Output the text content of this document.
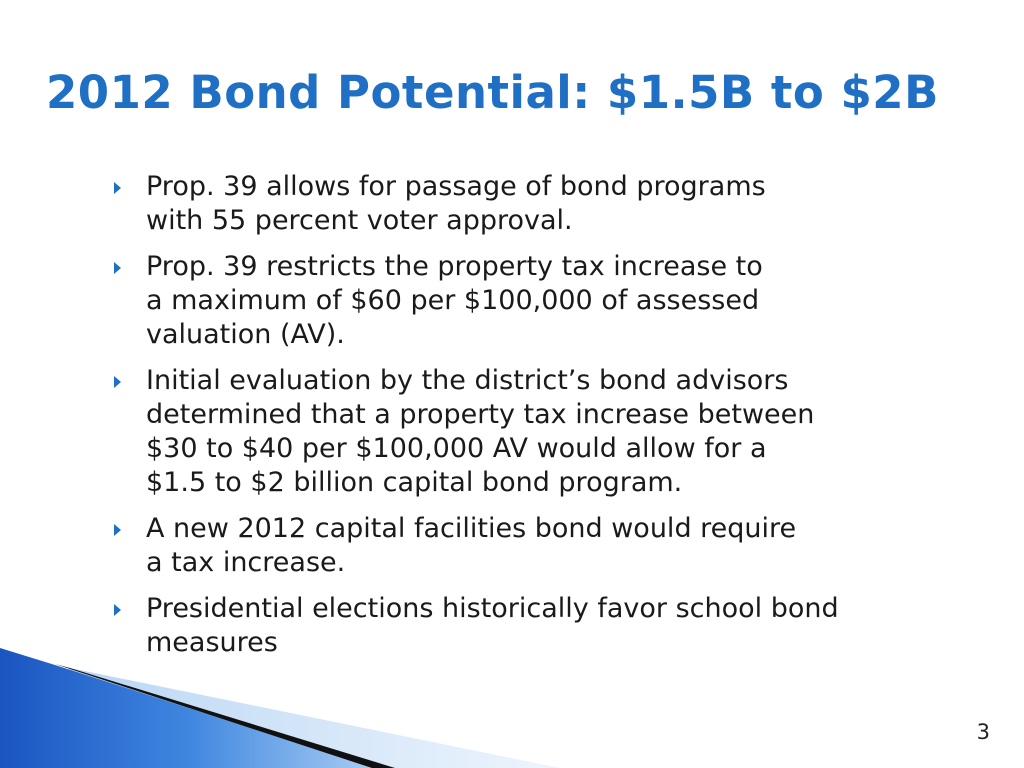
2012 Bond Potential: $1.5B to $2B
Prop. 39 allows for passage of bond programs
with 55 percent voter approval.
Prop. 39 restricts the property tax increase to
a maximum of $60 per $100,000 of assessed
valuation (AV).
Initial evaluation by the district’s bond advisors
determined that a property tax increase between
$30 to $40 per $100,000 AV would allow for a
$1.5 to $2 billion capital bond program.
A new 2012 capital facilities bond would require
a tax increase.
Presidential elections historically favor school bond
measures
3
